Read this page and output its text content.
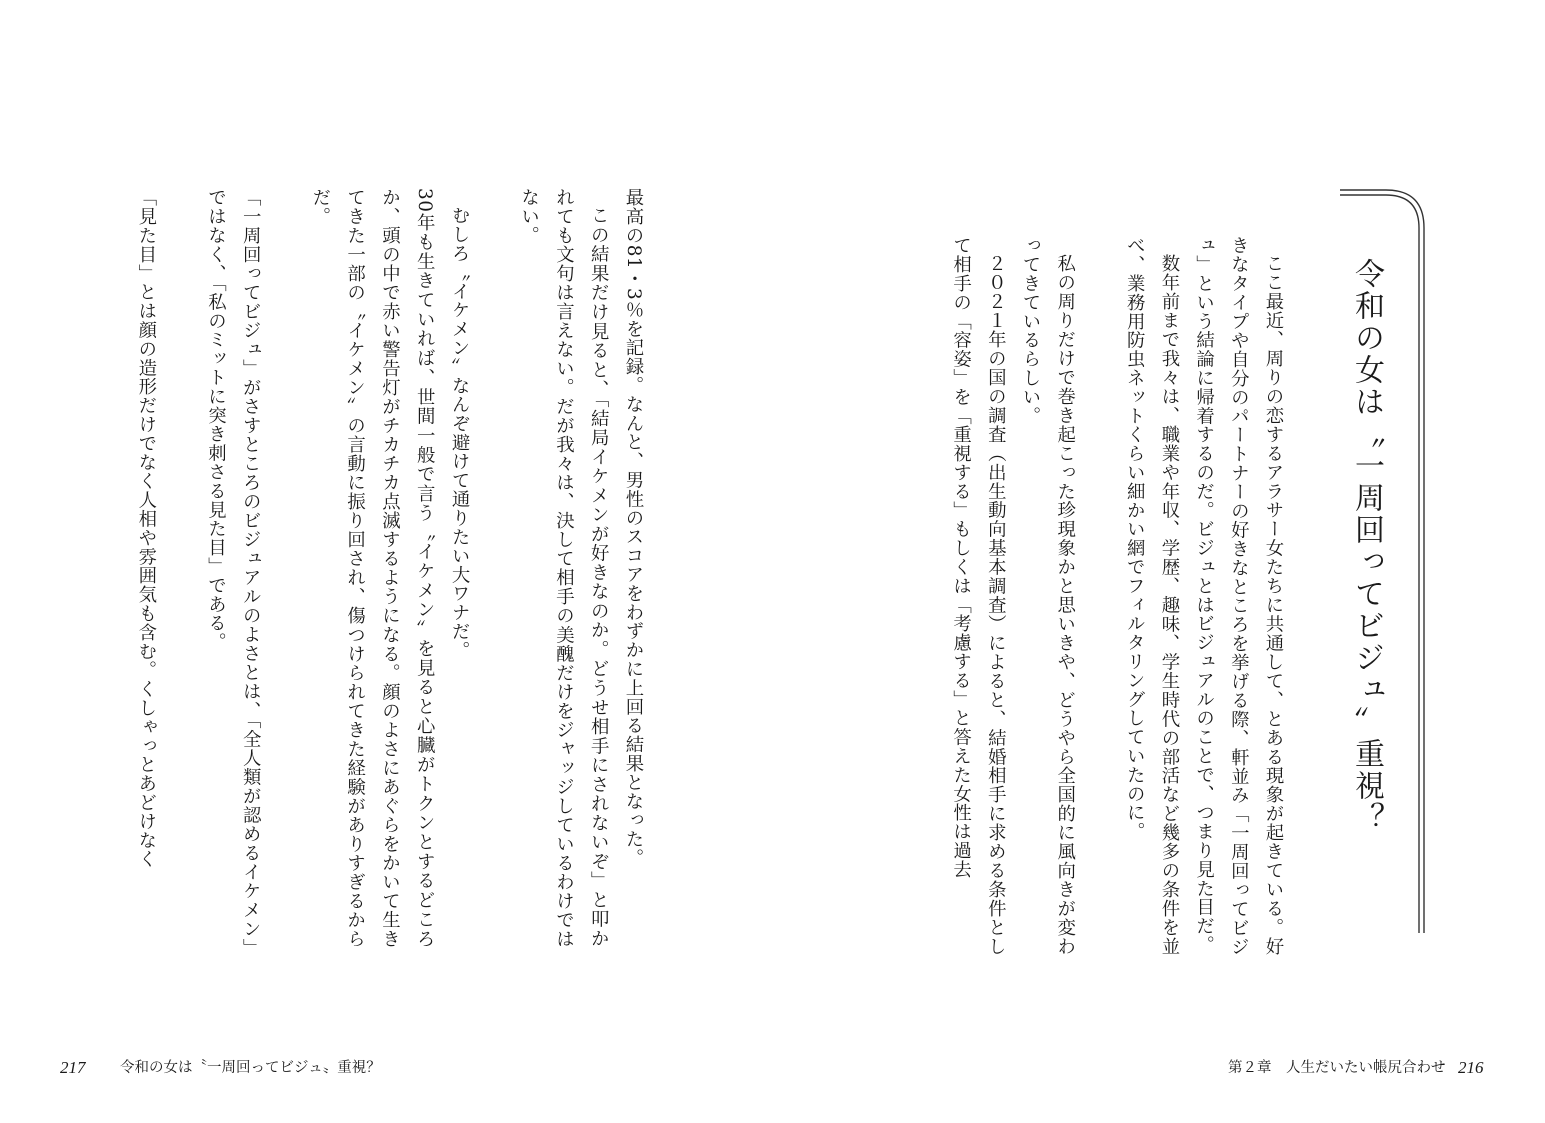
令和の女は〝一周回ってビジュ〟重視？

ここ最近、周りの恋するアラサー女たちに共通して、とある現象が起きている。好きなタイプや自分のパートナーの好きなところを挙げる際、軒並み「一周回ってビジュ」という結論に帰着するのだ。ビジュとはビジュアルのことで、つまり見た目だ。

数年前まで我々は、職業や年収、学歴、趣味、学生時代の部活など幾多の条件を並べ、業務用防虫ネットくらい細かい網でフィルタリングしていたのに。

私の周りだけで巻き起こった珍現象かと思いきや、どうやら全国的に風向きが変わってきているらしい。

２０２１年の国の調査（出生動向基本調査）によると、結婚相手に求める条件として相手の「容姿」を「重視する」もしくは「考慮する」と答えた女性は過去

最高の81・3％を記録。なんと、男性のスコアをわずかに上回る結果となった。

この結果だけ見ると、「結局イケメンが好きなのか。どうせ相手にされないぞ」と叩かれても文句は言えない。だが我々は、決して相手の美醜だけをジャッジしているわけではない。

むしろ〝イケメン〟なんぞ避けて通りたい大ワナだ。

30年も生きていれば、世間一般で言う〝イケメン〟を見ると心臓がトクンとするどころか、頭の中で赤い警告灯がチカチカ点滅するようになる。顔のよさにあぐらをかいて生きてきた一部の〝イケメン〟の言動に振り回され、傷つけられてきた経験がありすぎるからだ。

「一周回ってビジュ」がさすところのビジュアルのよさとは、「全人類が認めるイケメン」ではなく、「私のミットに突き刺さる見た目」である。

「見た目」とは顔の造形だけでなく人相や雰囲気も含む。くしゃっとあどけなく

217 令和の女は〝一周回ってビジュ〟重視？	第２章　人生だいたい帳尻合わせ 216
